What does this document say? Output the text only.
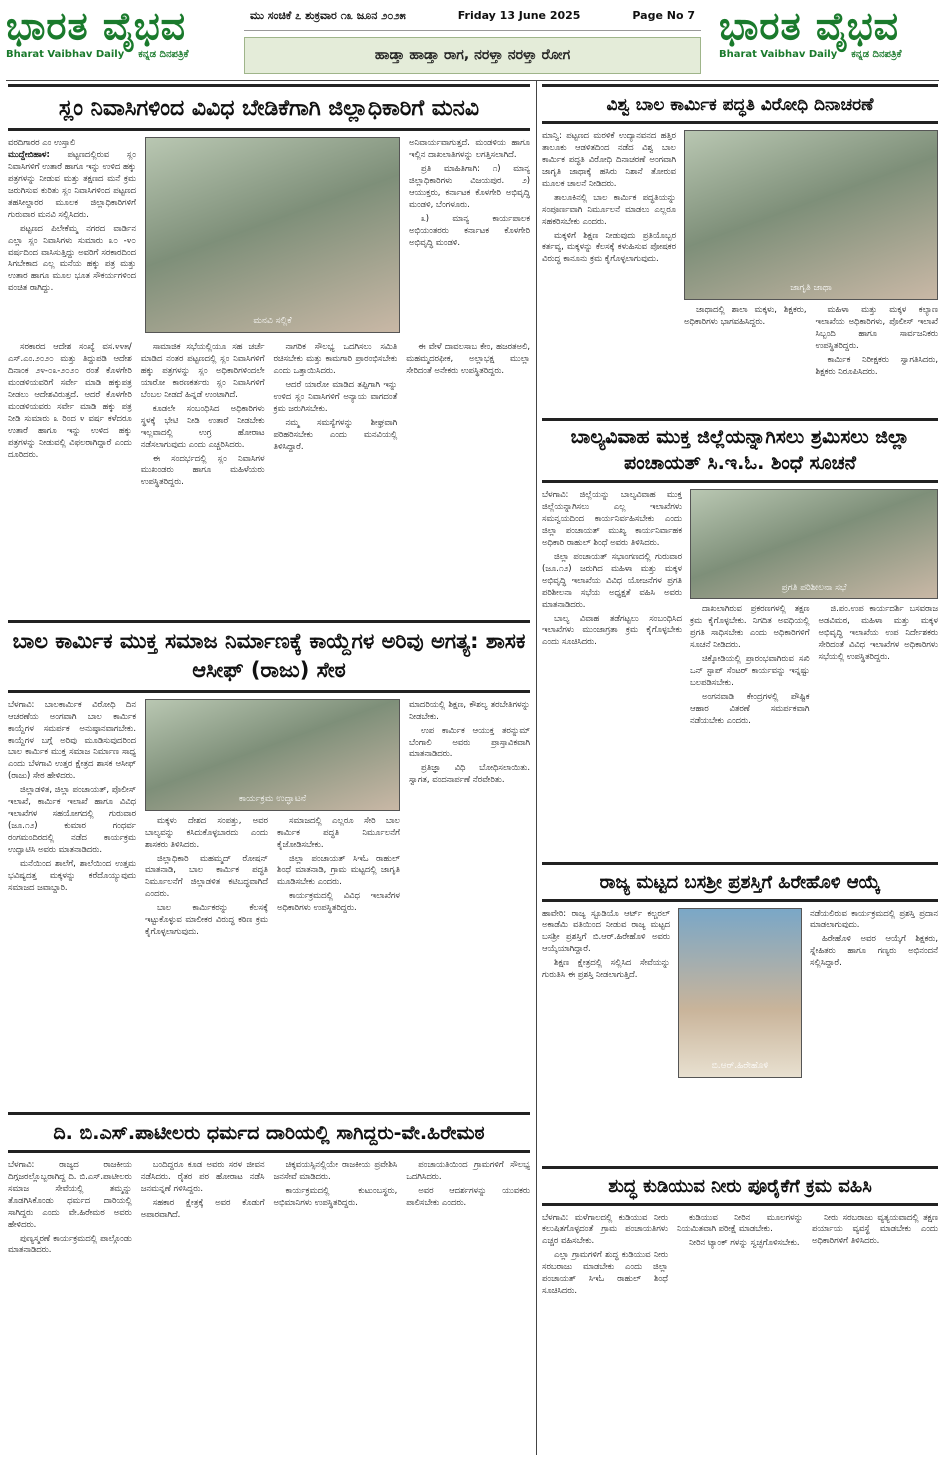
ಭಾರತ ವೈಭವ
Bharat Vaibhav Daily ಕನ್ನಡ ದಿನಪತ್ರಿಕೆ
ಮು ಸಂಚಿಕೆ ೭ ಶುಕ್ರವಾರ ೧೩ ಜೂನ ೨೦೨೫	Friday 13 June 2025	Page No 7
ಹಾಡ್ತಾ ಹಾಡ್ತಾ ರಾಗ, ನರಳ್ತಾ ನರಳ್ತಾ ರೋಗ
ಭಾರತ ವೈಭವ
Bharat Vaibhav Daily ಕನ್ನಡ ದಿನಪತ್ರಿಕೆ
ಸ್ಲಂ ನಿವಾಸಿಗಳಿಂದ ವಿವಿಧ ಬೇಡಿಕೆಗಾಗಿ ಜಿಲ್ಲಾಧಿಕಾರಿಗೆ ಮನವಿ

ವರದಿಗಾರರ ಎಂ ಉಸ್ತಾಲಿ
ಮುದ್ದೇಬಿಹಾಳ: ಪಟ್ಟಣದಲ್ಲಿರುವ ಸ್ಲಂ ನಿವಾಸಿಗಳಿಗೆ ಉತಾರೆ ಹಾಗೂ ಇನ್ನು ಉಳಿದ ಹಕ್ಕು ಪತ್ರಗಳನ್ನು ನೀಡುವ ಮತ್ತು ತಕ್ಷಣದ ಮನೆ ಕ್ರಮ ಜರುಗಿಸುವ ಕುರಿತು ಸ್ಲಂ ನಿವಾಸಿಗಳಿಂದ ಪಟ್ಟಣದ ತಹಸೀಲ್ದಾರರ ಮೂಲಕ ಜಿಲ್ಲಾಧಿಕಾರಿಗಳಿಗೆ ಗುರುವಾರ ಮನವಿ ಸಲ್ಲಿಸಿದರು.

ಪಟ್ಟಣದ ಪಿಲೇಕೆಮ್ಮ ನಗರದ ವಾರ್ಡಿನ ಎಲ್ಲಾ ಸ್ಲಂ ನಿವಾಸಿಗಳು ಸುಮಾರು ೩೦ -೪೦ ವರ್ಷದಿಂದ ವಾಸಿಸುತ್ತಿದ್ದು ಅವರಿಗೆ ಸರಕಾರದಿಂದ ಸಿಗಬೇಕಾದ ಎಲ್ಲ ಮನೆಯ ಹಕ್ಕು ಪತ್ರ ಮತ್ತು ಉತಾರ ಹಾಗೂ ಮೂಲ ಭೂತ ಸೌಕರ್ಯಗಳಿಂದ ವಂಚಿತ ರಾಗಿದ್ದು.

ಮನವಿ ಸಲ್ಲಿಕೆ

ಅನಿವಾರ್ಯವಾಗುತ್ತದೆ. ಮಂಡಳಿಯ ಹಾಗೂ ಇಲ್ಲಿನ ದಾಖಲಾತಿಗಳನ್ನು ಲಗತ್ತಿಸಲಾಗಿದೆ.

ಪ್ರತಿ ಮಾಹಿತಿಗಾಗಿ: ೧) ಮಾನ್ಯ ಜಿಲ್ಲಾಧಿಕಾರಿಗಳು ವಿಜಯಪುರ. ೨) ಆಯುಕ್ತರು, ಕರ್ನಾಟಕ ಕೊಳಗೇರಿ ಅಭಿವೃದ್ಧಿ ಮಂಡಳಿ, ಬೆಂಗಳೂರು.

೩) ಮಾನ್ಯ ಕಾರ್ಯಪಾಲಕ ಅಭಿಯಂತರರು ಕರ್ನಾಟಕ ಕೊಳಗೇರಿ ಅಭಿವೃದ್ಧಿ ಮಂಡಳಿ.

ಸರಕಾರದ ಆದೇಶ ಸಂಖ್ಯೆ ವಸ.೪೪೫/ಎಸ್.ಎಂ.೨೦೨೦ ಮತ್ತು ತಿದ್ದುಪಡಿ ಆದೇಶ ದಿನಾಂಕ ೨೪-೦೩-೨೦೨೦ ರಂತೆ ಕೊಳಗೇರಿ ಮಂಡಳಿಯವರಿಗೆ ಸರ್ವೇ ಮಾಡಿ ಹಕ್ಕುಪತ್ರ ನೀಡಲು ಆದೇಶವಿರುತ್ತದೆ. ಆದರೆ ಕೊಳಗೇರಿ ಮಂಡಳಿಯವರು ಸರ್ವೇ ಮಾಡಿ ಹಕ್ಕು ಪತ್ರ ನೀಡಿ ಸುಮಾರು ೩ ರಿಂದ ೪ ವರ್ಷ ಕಳೆದರೂ ಉತಾರೆ ಹಾಗೂ ಇನ್ನು ಉಳಿದ ಹಕ್ಕು ಪತ್ರಗಳನ್ನು ನೀಡುವಲ್ಲಿ ವಿಫಲರಾಗಿದ್ದಾರೆ ಎಂದು ದೂರಿದರು.

ಸಾಮಾಜಿಕ ಸಭೆಯಲ್ಲಿಯೂ ಸಹ ಚರ್ಚೆ ಮಾಡಿದ ನಂತರ ಪಟ್ಟಣದಲ್ಲಿ ಸ್ಲಂ ನಿವಾಸಿಗಳಿಗೆ ಹಕ್ಕು ಪತ್ರಗಳನ್ನು ಸ್ಲಂ ಅಧಿಕಾರಿಗಳಿಂದಲೇ ಯಾರೋ ಕಾರಣಕರ್ತರು ಸ್ಲಂ ನಿವಾಸಿಗಳಿಗೆ ಬೆಂಬಲ ನೀಡದೆ ಹಿನ್ನಡೆ ಉಂಟಾಗಿದೆ.

ಕೂಡಲೇ ಸಂಬಂಧಿಸಿದ ಅಧಿಕಾರಿಗಳು ಸ್ಥಳಕ್ಕೆ ಭೇಟಿ ನೀಡಿ ಉತಾರೆ ನೀಡಬೇಕು ಇಲ್ಲವಾದಲ್ಲಿ ಉಗ್ರ ಹೋರಾಟ ನಡೆಸಲಾಗುವುದು ಎಂದು ಎಚ್ಚರಿಸಿದರು.

ಈ ಸಂದರ್ಭದಲ್ಲಿ ಸ್ಲಂ ನಿವಾಸಿಗಳ ಮುಖಂಡರು ಹಾಗೂ ಮಹಿಳೆಯರು ಉಪಸ್ಥಿತರಿದ್ದರು.

ನಾಗರಿಕ ಸೌಲಭ್ಯ ಒದಗಿಸಲು ಸಮಿತಿ ರಚಿಸಬೇಕು ಮತ್ತು ಕಾಮಗಾರಿ ಪ್ರಾರಂಭಿಸಬೇಕು ಎಂದು ಒತ್ತಾಯಿಸಿದರು.

ಆದರೆ ಯಾರೋ ಮಾಡಿದ ತಪ್ಪಿಗಾಗಿ ಇನ್ನು ಉಳಿದ ಸ್ಲಂ ನಿವಾಸಿಗಳಿಗೆ ಅನ್ಯಾಯ ವಾಗದಂತೆ ಕ್ರಮ ಜರುಗಿಸಬೇಕು.

ನಮ್ಮ ಸಮಸ್ಯೆಗಳನ್ನು ಶೀಘ್ರವಾಗಿ ಪರಿಹರಿಸಬೇಕು ಎಂದು ಮನವಿಯಲ್ಲಿ ತಿಳಿಸಿದ್ದಾರೆ.

ಈ ವೇಳೆ ದಾವಲಸಾಬ ಕೇಂ, ಹಜರತಅಲಿ, ಮಹಮ್ಮದರಫೀಕ, ಅಲ್ಲಾಭಕ್ಷ ಮುಲ್ಲಾ ಸೇರಿದಂತೆ ಅನೇಕರು ಉಪಸ್ಥಿತರಿದ್ದರು.

ವಿಶ್ವ ಬಾಲ ಕಾರ್ಮಿಕ ಪದ್ಧತಿ ವಿರೋಧಿ ದಿನಾಚರಣೆ

ಮಾನ್ವಿ: ಪಟ್ಟಣದ ಮರಳಿಕೆ ಉದ್ಯಾನವನದ ಹತ್ತಿರ ತಾಲೂಕು ಆಡಳಿತದಿಂದ ನಡೆದ ವಿಶ್ವ ಬಾಲ ಕಾರ್ಮಿಕ ಪದ್ಧತಿ ವಿರೋಧಿ ದಿನಾಚರಣೆ ಅಂಗವಾಗಿ ಜಾಗೃತಿ ಜಾಥಾಕ್ಕೆ ಹಸಿರು ನಿಶಾನೆ ತೋರುವ ಮೂಲಕ ಚಾಲನೆ ನೀಡಿದರು.

ತಾಲೂಕಿನಲ್ಲಿ ಬಾಲ ಕಾರ್ಮಿಕ ಪದ್ಧತಿಯನ್ನು ಸಂಪೂರ್ಣವಾಗಿ ನಿರ್ಮೂಲನೆ ಮಾಡಲು ಎಲ್ಲರೂ ಸಹಕರಿಸಬೇಕು ಎಂದರು.

ಮಕ್ಕಳಿಗೆ ಶಿಕ್ಷಣ ನೀಡುವುದು ಪ್ರತಿಯೊಬ್ಬರ ಕರ್ತವ್ಯ, ಮಕ್ಕಳನ್ನು ಕೆಲಸಕ್ಕೆ ಕಳುಹಿಸುವ ಪೋಷಕರ ವಿರುದ್ಧ ಕಾನೂನು ಕ್ರಮ ಕೈಗೊಳ್ಳಲಾಗುವುದು.

ಜಾಗೃತಿ ಜಾಥಾ

ಜಾಥಾದಲ್ಲಿ ಶಾಲಾ ಮಕ್ಕಳು, ಶಿಕ್ಷಕರು, ಅಧಿಕಾರಿಗಳು ಭಾಗವಹಿಸಿದ್ದರು.

ಮಹಿಳಾ ಮತ್ತು ಮಕ್ಕಳ ಕಲ್ಯಾಣ ಇಲಾಖೆಯ ಅಧಿಕಾರಿಗಳು, ಪೊಲೀಸ್ ಇಲಾಖೆ ಸಿಬ್ಬಂದಿ ಹಾಗೂ ಸಾರ್ವಜನಿಕರು ಉಪಸ್ಥಿತರಿದ್ದರು.

ಕಾರ್ಮಿಕ ನಿರೀಕ್ಷಕರು ಸ್ವಾಗತಿಸಿದರು, ಶಿಕ್ಷಕರು ನಿರೂಪಿಸಿದರು.

ಬಾಲ್ಯವಿವಾಹ ಮುಕ್ತ ಜಿಲ್ಲೆಯನ್ನಾಗಿಸಲು ಶ್ರಮಿಸಲು ಜಿಲ್ಲಾ ಪಂಚಾಯತ್ ಸಿ.ಇ.ಓ. ಶಿಂಧೆ ಸೂಚನೆ

ಬೆಳಗಾವಿ: ಜಿಲ್ಲೆಯನ್ನು ಬಾಲ್ಯವಿವಾಹ ಮುಕ್ತ ಜಿಲ್ಲೆಯನ್ನಾಗಿಸಲು ಎಲ್ಲ ಇಲಾಖೆಗಳು ಸಮನ್ವಯದಿಂದ ಕಾರ್ಯನಿರ್ವಹಿಸಬೇಕು ಎಂದು ಜಿಲ್ಲಾ ಪಂಚಾಯತ್ ಮುಖ್ಯ ಕಾರ್ಯನಿರ್ವಾಹಕ ಅಧಿಕಾರಿ ರಾಹುಲ್ ಶಿಂಧೆ ಅವರು ತಿಳಿಸಿದರು.

ಜಿಲ್ಲಾ ಪಂಚಾಯತ್ ಸಭಾಂಗಣದಲ್ಲಿ ಗುರುವಾರ (ಜೂ.೧೨) ಜರುಗಿದ ಮಹಿಳಾ ಮತ್ತು ಮಕ್ಕಳ ಅಭಿವೃದ್ಧಿ ಇಲಾಖೆಯ ವಿವಿಧ ಯೋಜನೆಗಳ ಪ್ರಗತಿ ಪರಿಶೀಲನಾ ಸಭೆಯ ಅಧ್ಯಕ್ಷತೆ ವಹಿಸಿ ಅವರು ಮಾತನಾಡಿದರು.

ಬಾಲ್ಯ ವಿವಾಹ ತಡೆಗಟ್ಟಲು ಸಂಬಂಧಿಸಿದ ಇಲಾಖೆಗಳು ಮುಂಜಾಗ್ರತಾ ಕ್ರಮ ಕೈಗೊಳ್ಳಬೇಕು ಎಂದು ಸೂಚಿಸಿದರು.

ಪ್ರಗತಿ ಪರಿಶೀಲನಾ ಸಭೆ

ದಾಖಲಾಗಿರುವ ಪ್ರಕರಣಗಳಲ್ಲಿ ತಕ್ಷಣ ಕ್ರಮ ಕೈಗೊಳ್ಳಬೇಕು. ನಿಗದಿತ ಅವಧಿಯಲ್ಲಿ ಪ್ರಗತಿ ಸಾಧಿಸಬೇಕು ಎಂದು ಅಧಿಕಾರಿಗಳಿಗೆ ಸೂಚನೆ ನೀಡಿದರು.

ಚಿಕ್ಕೋಡಿಯಲ್ಲಿ ಪ್ರಾರಂಭವಾಗಿರುವ ಸಖಿ ಒನ್ ಸ್ಟಾಪ್ ಸೆಂಟರ್ ಕಾರ್ಯವನ್ನು ಇನ್ನಷ್ಟು ಬಲಪಡಿಸಬೇಕು.

ಅಂಗನವಾಡಿ ಕೇಂದ್ರಗಳಲ್ಲಿ ಪೌಷ್ಟಿಕ ಆಹಾರ ವಿತರಣೆ ಸಮರ್ಪಕವಾಗಿ ನಡೆಯಬೇಕು ಎಂದರು.

ಜಿ.ಪಂ.ಉಪ ಕಾರ್ಯದರ್ಶಿ ಬಸವರಾಜ ಅಡವಿಮಠ, ಮಹಿಳಾ ಮತ್ತು ಮಕ್ಕಳ ಅಭಿವೃದ್ಧಿ ಇಲಾಖೆಯ ಉಪ ನಿರ್ದೇಶಕರು ಸೇರಿದಂತೆ ವಿವಿಧ ಇಲಾಖೆಗಳ ಅಧಿಕಾರಿಗಳು ಸಭೆಯಲ್ಲಿ ಉಪಸ್ಥಿತರಿದ್ದರು.

ಬಾಲ ಕಾರ್ಮಿಕ ಮುಕ್ತ ಸಮಾಜ ನಿರ್ಮಾಣಕ್ಕೆ ಕಾಯ್ದೆಗಳ ಅರಿವು ಅಗತ್ಯ: ಶಾಸಕ ಆಸೀಫ್ (ರಾಜು) ಸೇಠ

ಬೆಳಗಾವಿ: ಬಾಲಕಾರ್ಮಿಕ ವಿರೋಧಿ ದಿನ ಆಚರಣೆಯ ಅಂಗವಾಗಿ ಬಾಲ ಕಾರ್ಮಿಕ ಕಾಯ್ದೆಗಳ ಸಮರ್ಪಕ ಅನುಷ್ಠಾನವಾಗಬೇಕು. ಕಾಯ್ದೆಗಳ ಬಗ್ಗೆ ಅರಿವು ಮೂಡಿಸುವುದರಿಂದ ಬಾಲ ಕಾರ್ಮಿಕ ಮುಕ್ತ ಸಮಾಜ ನಿರ್ಮಾಣ ಸಾಧ್ಯ ಎಂದು ಬೆಳಗಾವಿ ಉತ್ತರ ಕ್ಷೇತ್ರದ ಶಾಸಕ ಆಸೀಫ್ (ರಾಜು) ಸೇಠ ಹೇಳಿದರು.

ಜಿಲ್ಲಾಡಳಿತ, ಜಿಲ್ಲಾ ಪಂಚಾಯತ್, ಪೊಲೀಸ್ ಇಲಾಖೆ, ಕಾರ್ಮಿಕ ಇಲಾಖೆ ಹಾಗೂ ವಿವಿಧ ಇಲಾಖೆಗಳ ಸಹಯೋಗದಲ್ಲಿ ಗುರುವಾರ (ಜೂ.೧೨) ಕುಮಾರ ಗಂಧರ್ವ ರಂಗಮಂದಿರದಲ್ಲಿ ನಡೆದ ಕಾರ್ಯಕ್ರಮ ಉದ್ಘಾಟಿಸಿ ಅವರು ಮಾತನಾಡಿದರು.

ಮನೆಯಿಂದ ಶಾಲೆಗೆ, ಶಾಲೆಯಿಂದ ಉತ್ತಮ ಭವಿಷ್ಯದತ್ತ ಮಕ್ಕಳನ್ನು ಕರೆದೊಯ್ಯುವುದು ಸಮಾಜದ ಜವಾಬ್ದಾರಿ.

ಕಾರ್ಯಕ್ರಮ ಉದ್ಘಾಟನೆ

ಮಕ್ಕಳು ದೇಶದ ಸಂಪತ್ತು, ಅವರ ಬಾಲ್ಯವನ್ನು ಕಸಿದುಕೊಳ್ಳಬಾರದು ಎಂದು ಶಾಸಕರು ತಿಳಿಸಿದರು.

ಜಿಲ್ಲಾಧಿಕಾರಿ ಮಹಮ್ಮದ್ ರೋಷನ್ ಮಾತನಾಡಿ, ಬಾಲ ಕಾರ್ಮಿಕ ಪದ್ಧತಿ ನಿರ್ಮೂಲನೆಗೆ ಜಿಲ್ಲಾಡಳಿತ ಕಟಿಬದ್ಧವಾಗಿದೆ ಎಂದರು.

ಬಾಲ ಕಾರ್ಮಿಕರನ್ನು ಕೆಲಸಕ್ಕೆ ಇಟ್ಟುಕೊಳ್ಳುವ ಮಾಲೀಕರ ವಿರುದ್ಧ ಕಠಿಣ ಕ್ರಮ ಕೈಗೊಳ್ಳಲಾಗುವುದು.

ಸಮಾಜದಲ್ಲಿ ಎಲ್ಲರೂ ಸೇರಿ ಬಾಲ ಕಾರ್ಮಿಕ ಪದ್ಧತಿ ನಿರ್ಮೂಲನೆಗೆ ಕೈಜೋಡಿಸಬೇಕು.

ಜಿಲ್ಲಾ ಪಂಚಾಯತ್ ಸಿಇಓ ರಾಹುಲ್ ಶಿಂಧೆ ಮಾತನಾಡಿ, ಗ್ರಾಮ ಮಟ್ಟದಲ್ಲಿ ಜಾಗೃತಿ ಮೂಡಿಸಬೇಕು ಎಂದರು.

ಕಾರ್ಯಕ್ರಮದಲ್ಲಿ ವಿವಿಧ ಇಲಾಖೆಗಳ ಅಧಿಕಾರಿಗಳು ಉಪಸ್ಥಿತರಿದ್ದರು.

ಮಾದರಿಯಲ್ಲಿ ಶಿಕ್ಷಣ, ಕೌಶಲ್ಯ ತರಬೇತಿಗಳನ್ನು ನೀಡಬೇಕು.

ಉಪ ಕಾರ್ಮಿಕ ಆಯುಕ್ತ ತರನ್ನುಮ್ ಬೆಂಗಾಲಿ ಅವರು ಪ್ರಾಸ್ತಾವಿಕವಾಗಿ ಮಾತನಾಡಿದರು.

ಪ್ರತಿಜ್ಞಾ ವಿಧಿ ಬೋಧಿಸಲಾಯಿತು. ಸ್ವಾಗತ, ವಂದನಾರ್ಪಣೆ ನೆರವೇರಿತು.

ರಾಜ್ಯ ಮಟ್ಟದ ಬಸಶ್ರೀ ಪ್ರಶಸ್ತಿಗೆ ಹಿರೇಹೊಳಿ ಆಯ್ಕೆ

ಹಾವೇರಿ: ರಾಜ್ಯ ಸ್ಟೂಡಿಯೊ ಆರ್ಟ್ ಕಲ್ಚರಲ್ ಅಕಾಡೆಮಿ ವತಿಯಿಂದ ನೀಡುವ ರಾಜ್ಯ ಮಟ್ಟದ ಬಸಶ್ರೀ ಪ್ರಶಸ್ತಿಗೆ ಬಿ.ಆರ್.ಹಿರೇಹೊಳಿ ಅವರು ಆಯ್ಕೆಯಾಗಿದ್ದಾರೆ.

ಶಿಕ್ಷಣ ಕ್ಷೇತ್ರದಲ್ಲಿ ಸಲ್ಲಿಸಿದ ಸೇವೆಯನ್ನು ಗುರುತಿಸಿ ಈ ಪ್ರಶಸ್ತಿ ನೀಡಲಾಗುತ್ತಿದೆ.

ಬಿ.ಆರ್.ಹಿರೇಹೊಳಿ

ನಡೆಯಲಿರುವ ಕಾರ್ಯಕ್ರಮದಲ್ಲಿ ಪ್ರಶಸ್ತಿ ಪ್ರದಾನ ಮಾಡಲಾಗುವುದು.

ಹಿರೇಹೊಳಿ ಅವರ ಆಯ್ಕೆಗೆ ಶಿಕ್ಷಕರು, ಸ್ನೇಹಿತರು ಹಾಗೂ ಗಣ್ಯರು ಅಭಿನಂದನೆ ಸಲ್ಲಿಸಿದ್ದಾರೆ.

ದಿ. ಬಿ.ಎಸ್.ಪಾಟೀಲರು ಧರ್ಮದ ದಾರಿಯಲ್ಲಿ ಸಾಗಿದ್ದರು-ವೇ.ಹಿರೇಮಠ

ಬೆಳಗಾವಿ: ರಾಜ್ಯದ ರಾಜಕೀಯ ದಿಗ್ಗಜರಲ್ಲೊಬ್ಬರಾಗಿದ್ದ ದಿ. ಬಿ.ಎಸ್.ಪಾಟೀಲರು ಸಮಾಜ ಸೇವೆಯಲ್ಲಿ ತಮ್ಮನ್ನು ತೊಡಗಿಸಿಕೊಂಡು ಧರ್ಮದ ದಾರಿಯಲ್ಲಿ ಸಾಗಿದ್ದರು ಎಂದು ವೇ.ಹಿರೇಮಠ ಅವರು ಹೇಳಿದರು.

ಪುಣ್ಯಸ್ಮರಣೆ ಕಾರ್ಯಕ್ರಮದಲ್ಲಿ ಪಾಲ್ಗೊಂಡು ಮಾತನಾಡಿದರು.

ಬಂದಿದ್ದರೂ ಕೂಡ ಅವರು ಸರಳ ಜೀವನ ನಡೆಸಿದರು. ರೈತರ ಪರ ಹೋರಾಟ ನಡೆಸಿ ಜನಮನ್ನಣೆ ಗಳಿಸಿದ್ದರು.

ಸಹಕಾರ ಕ್ಷೇತ್ರಕ್ಕೆ ಅವರ ಕೊಡುಗೆ ಅಪಾರವಾಗಿದೆ.

ಚಿಕ್ಕವಯಸ್ಸಿನಲ್ಲಿಯೇ ರಾಜಕೀಯ ಪ್ರವೇಶಿಸಿ ಜನಸೇವೆ ಮಾಡಿದರು.

ಕಾರ್ಯಕ್ರಮದಲ್ಲಿ ಕುಟುಂಬಸ್ಥರು, ಅಭಿಮಾನಿಗಳು ಉಪಸ್ಥಿತರಿದ್ದರು.

ಪಂಚಾಯತಿಯಿಂದ ಗ್ರಾಮಗಳಿಗೆ ಸೌಲಭ್ಯ ಒದಗಿಸಿದರು.

ಅವರ ಆದರ್ಶಗಳನ್ನು ಯುವಕರು ಪಾಲಿಸಬೇಕು ಎಂದರು.

ಶುದ್ಧ ಕುಡಿಯುವ ನೀರು ಪೂರೈಕೆಗೆ ಕ್ರಮ ವಹಿಸಿ

ಬೆಳಗಾವಿ: ಮಳೆಗಾಲದಲ್ಲಿ ಕುಡಿಯುವ ನೀರು ಕಲುಷಿತಗೊಳ್ಳದಂತೆ ಗ್ರಾಮ ಪಂಚಾಯತಿಗಳು ಎಚ್ಚರ ವಹಿಸಬೇಕು.

ಎಲ್ಲಾ ಗ್ರಾಮಗಳಿಗೆ ಶುದ್ಧ ಕುಡಿಯುವ ನೀರು ಸರಬರಾಜು ಮಾಡಬೇಕು ಎಂದು ಜಿಲ್ಲಾ ಪಂಚಾಯತ್ ಸಿಇಓ ರಾಹುಲ್ ಶಿಂಧೆ ಸೂಚಿಸಿದರು.

ಕುಡಿಯುವ ನೀರಿನ ಮೂಲಗಳನ್ನು ನಿಯಮಿತವಾಗಿ ಪರೀಕ್ಷೆ ಮಾಡಬೇಕು.

ನೀರಿನ ಟ್ಯಾಂಕ್ ಗಳನ್ನು ಸ್ವಚ್ಛಗೊಳಿಸಬೇಕು.

ನೀರು ಸರಬರಾಜು ವ್ಯತ್ಯಯವಾದಲ್ಲಿ ತಕ್ಷಣ ಪರ್ಯಾಯ ವ್ಯವಸ್ಥೆ ಮಾಡಬೇಕು ಎಂದು ಅಧಿಕಾರಿಗಳಿಗೆ ತಿಳಿಸಿದರು.
